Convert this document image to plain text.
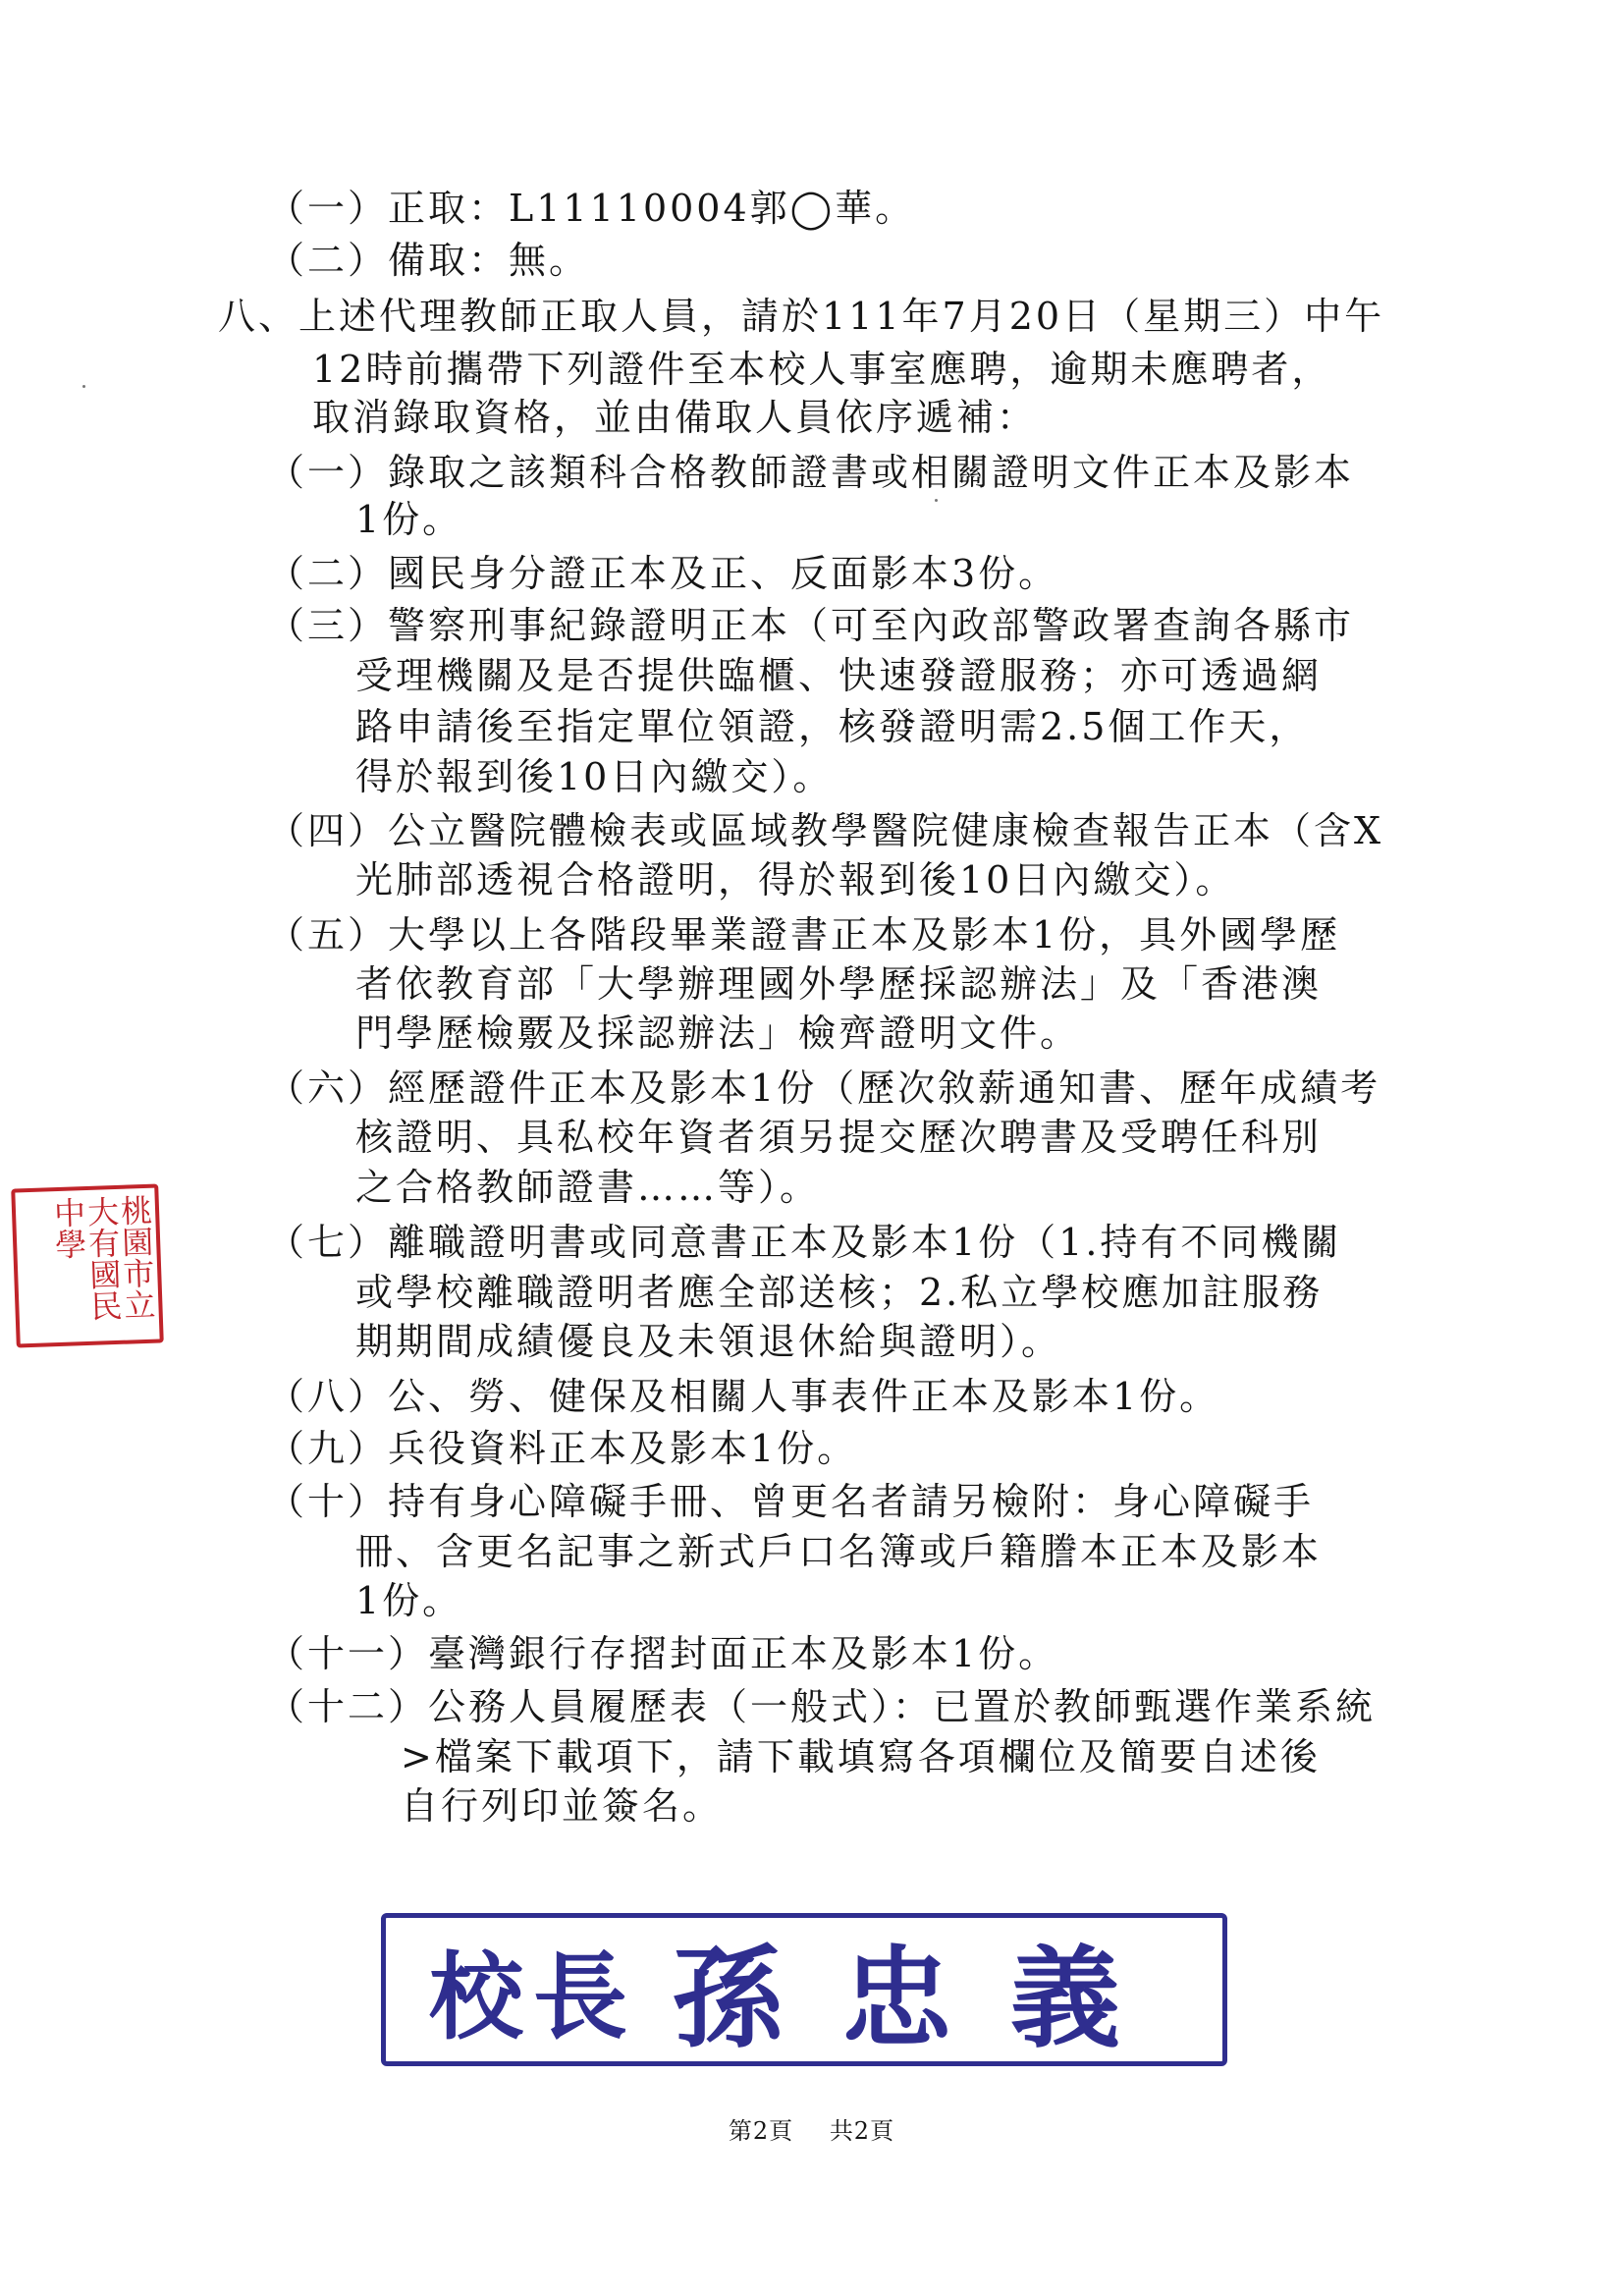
（一）正取：L11110004郭◯華。
（二）備取：無。
八、上述代理教師正取人員，請於111年7月20日（星期三）中午
12時前攜帶下列證件至本校人事室應聘，逾期未應聘者，
取消錄取資格，並由備取人員依序遞補：
（一）錄取之該類科合格教師證書或相關證明文件正本及影本
1份。
（二）國民身分證正本及正、反面影本3份。
（三）警察刑事紀錄證明正本（可至內政部警政署查詢各縣市
受理機關及是否提供臨櫃、快速發證服務；亦可透過網
路申請後至指定單位領證，核發證明需2.5個工作天，
得於報到後10日內繳交）。
（四）公立醫院體檢表或區域教學醫院健康檢查報告正本（含X
光肺部透視合格證明，得於報到後10日內繳交）。
（五）大學以上各階段畢業證書正本及影本1份，具外國學歷
者依教育部「大學辦理國外學歷採認辦法」及「香港澳
門學歷檢覈及採認辦法」檢齊證明文件。
（六）經歷證件正本及影本1份（歷次敘薪通知書、歷年成績考
核證明、具私校年資者須另提交歷次聘書及受聘任科別
之合格教師證書……等）。
（七）離職證明書或同意書正本及影本1份（1.持有不同機關
或學校離職證明者應全部送核；2.私立學校應加註服務
期期間成績優良及未領退休給與證明）。
（八）公、勞、健保及相關人事表件正本及影本1份。
（九）兵役資料正本及影本1份。
（十）持有身心障礙手冊、曾更名者請另檢附：身心障礙手
冊、含更名記事之新式戶口名簿或戶籍謄本正本及影本
1份。
（十一）臺灣銀行存摺封面正本及影本1份。
（十二）公務人員履歷表（一般式）：已置於教師甄選作業系統
>檔案下載項下，請下載填寫各項欄位及簡要自述後
自行列印並簽名。
桃園市立大有國民中學
校長 孫忠義
第2頁 共2頁
